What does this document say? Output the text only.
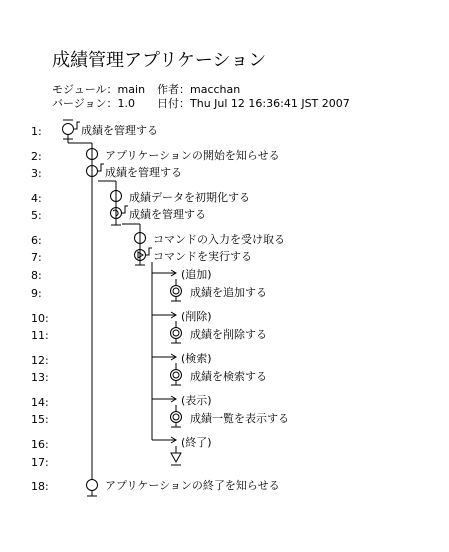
成績管理アプリケーション
モジュール：main 作者：macchan
バージョン：1.0 日付：Thu Jul 12 16:36:41 JST 2007
1:
2:
3:
4:
5:
6:
7:
8:
9:
10:
11:
12:
13:
14:
15:
16:
17:
18:
成績を管理する
アプリケーションの開始を知らせる
成績を管理する
成績データを初期化する
成績を管理する
コマンドの入力を受け取る
コマンドを実行する
(追加)
成績を追加する
(削除)
成績を削除する
(検索)
成績を検索する
(表示)
成績一覧を表示する
(終了)
アプリケーションの終了を知らせる
